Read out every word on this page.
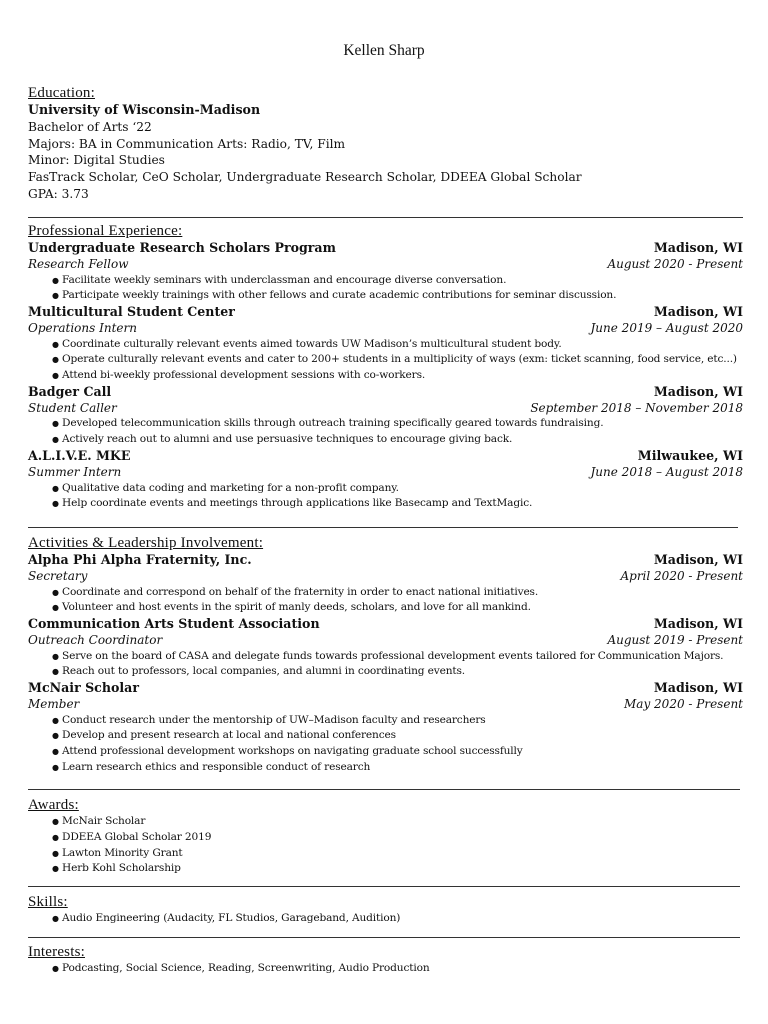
Kellen Sharp
Education:
University of Wisconsin-Madison
Bachelor of Arts ‘22
Majors: BA in Communication Arts: Radio, TV, Film
Minor: Digital Studies
FasTrack Scholar, CeO Scholar, Undergraduate Research Scholar, DDEEA Global Scholar
GPA: 3.73
Professional Experience:
Undergraduate Research Scholars Program	Madison, WI
Research Fellow	August 2020 - Present
● Facilitate weekly seminars with underclassman and encourage diverse conversation.
● Participate weekly trainings with other fellows and curate academic contributions for seminar discussion.
Multicultural Student Center	Madison, WI
Operations Intern	June 2019 – August 2020
● Coordinate culturally relevant events aimed towards UW Madison’s multicultural student body.
● Operate culturally relevant events and cater to 200+ students in a multiplicity of ways (exm: ticket scanning, food service, etc...)
● Attend bi-weekly professional development sessions with co-workers.
Badger Call	Madison, WI
Student Caller	September 2018 – November 2018
● Developed telecommunication skills through outreach training specifically geared towards fundraising.
● Actively reach out to alumni and use persuasive techniques to encourage giving back.
A.L.I.V.E. MKE	Milwaukee, WI
Summer Intern	June 2018 – August 2018
● Qualitative data coding and marketing for a non-profit company.
● Help coordinate events and meetings through applications like Basecamp and TextMagic.
Activities & Leadership Involvement:
Alpha Phi Alpha Fraternity, Inc.	Madison, WI
Secretary	April 2020 - Present
● Coordinate and correspond on behalf of the fraternity in order to enact national initiatives.
● Volunteer and host events in the spirit of manly deeds, scholars, and love for all mankind.
Communication Arts Student Association	Madison, WI
Outreach Coordinator	August 2019 - Present
● Serve on the board of CASA and delegate funds towards professional development events tailored for Communication Majors.
● Reach out to professors, local companies, and alumni in coordinating events.
McNair Scholar	Madison, WI
Member	May 2020 - Present
● Conduct research under the mentorship of UW–Madison faculty and researchers
● Develop and present research at local and national conferences
● Attend professional development workshops on navigating graduate school successfully
● Learn research ethics and responsible conduct of research
Awards:
● McNair Scholar
● DDEEA Global Scholar 2019
● Lawton Minority Grant
● Herb Kohl Scholarship
Skills:
● Audio Engineering (Audacity, FL Studios, Garageband, Audition)
Interests:
● Podcasting, Social Science, Reading, Screenwriting, Audio Production
